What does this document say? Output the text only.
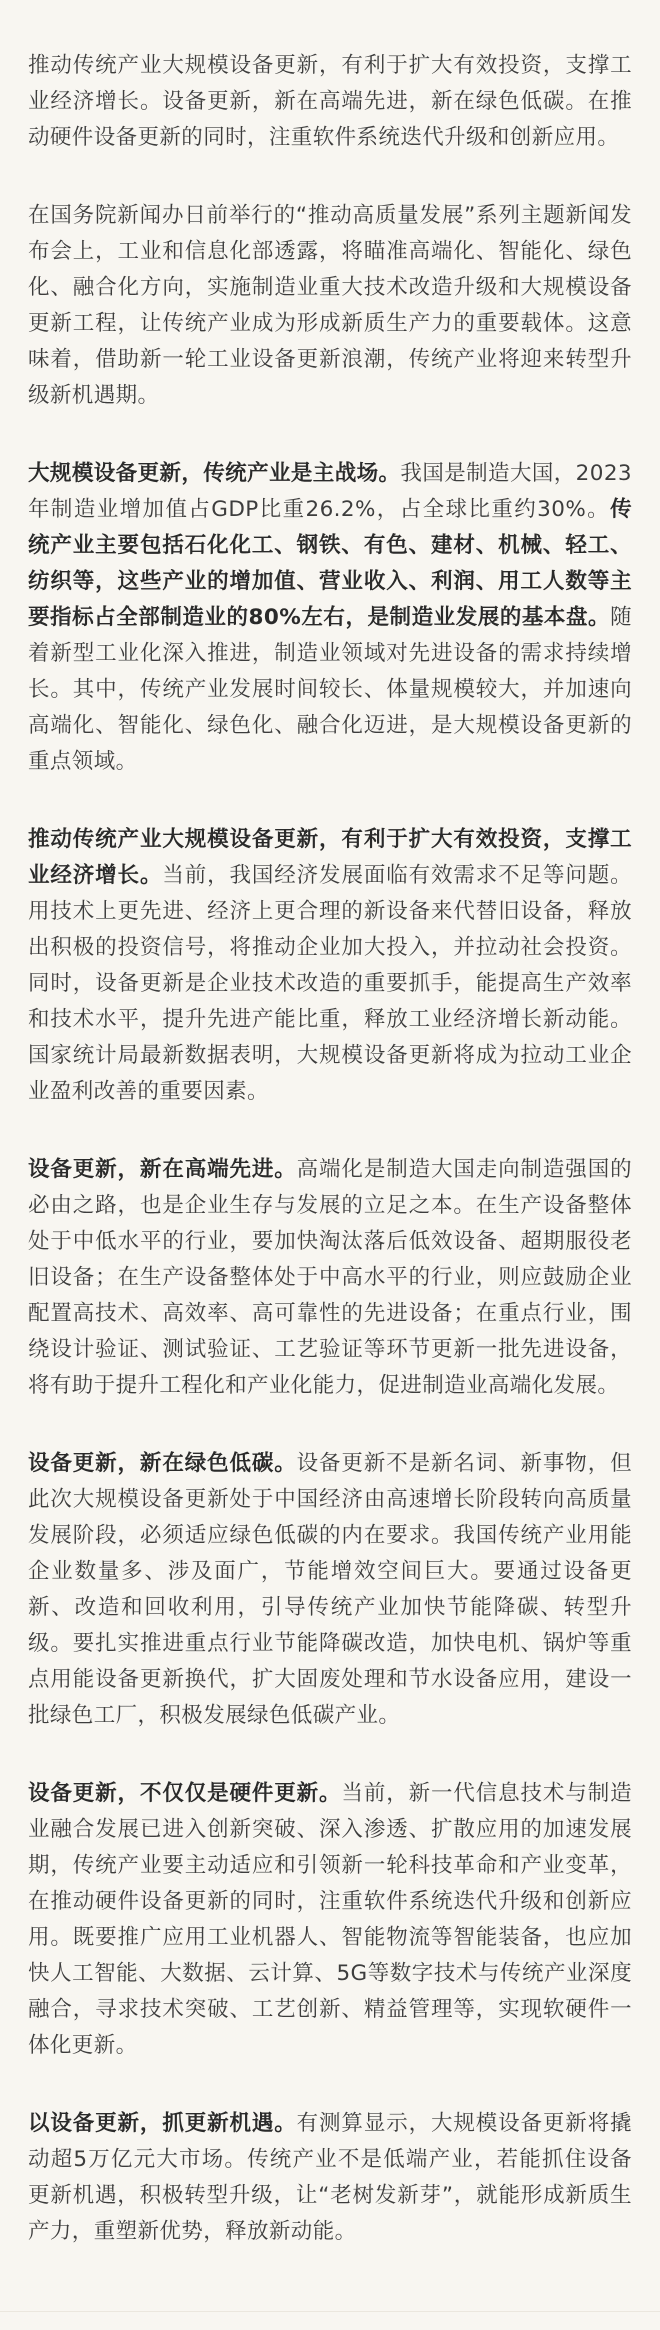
推动传统产业大规模设备更新，有利于扩大有效投资，支撑工业经济增长。设备更新，新在高端先进，新在绿色低碳。在推动硬件设备更新的同时，注重软件系统迭代升级和创新应用。

在国务院新闻办日前举行的“推动高质量发展”系列主题新闻发布会上，工业和信息化部透露，将瞄准高端化、智能化、绿色化、融合化方向，实施制造业重大技术改造升级和大规模设备更新工程，让传统产业成为形成新质生产力的重要载体。这意味着，借助新一轮工业设备更新浪潮，传统产业将迎来转型升级新机遇期。

大规模设备更新，传统产业是主战场。我国是制造大国，2023年制造业增加值占GDP比重26.2%，占全球比重约30%。传统产业主要包括石化化工、钢铁、有色、建材、机械、轻工、纺织等，这些产业的增加值、营业收入、利润、用工人数等主要指标占全部制造业的80%左右，是制造业发展的基本盘。随着新型工业化深入推进，制造业领域对先进设备的需求持续增长。其中，传统产业发展时间较长、体量规模较大，并加速向高端化、智能化、绿色化、融合化迈进，是大规模设备更新的重点领域。

推动传统产业大规模设备更新，有利于扩大有效投资，支撑工业经济增长。当前，我国经济发展面临有效需求不足等问题。用技术上更先进、经济上更合理的新设备来代替旧设备，释放出积极的投资信号，将推动企业加大投入，并拉动社会投资。同时，设备更新是企业技术改造的重要抓手，能提高生产效率和技术水平，提升先进产能比重，释放工业经济增长新动能。国家统计局最新数据表明，大规模设备更新将成为拉动工业企业盈利改善的重要因素。

设备更新，新在高端先进。高端化是制造大国走向制造强国的必由之路，也是企业生存与发展的立足之本。在生产设备整体处于中低水平的行业，要加快淘汰落后低效设备、超期服役老旧设备；在生产设备整体处于中高水平的行业，则应鼓励企业配置高技术、高效率、高可靠性的先进设备；在重点行业，围绕设计验证、测试验证、工艺验证等环节更新一批先进设备，将有助于提升工程化和产业化能力，促进制造业高端化发展。

设备更新，新在绿色低碳。设备更新不是新名词、新事物，但此次大规模设备更新处于中国经济由高速增长阶段转向高质量发展阶段，必须适应绿色低碳的内在要求。我国传统产业用能企业数量多、涉及面广，节能增效空间巨大。要通过设备更新、改造和回收利用，引导传统产业加快节能降碳、转型升级。要扎实推进重点行业节能降碳改造，加快电机、锅炉等重点用能设备更新换代，扩大固废处理和节水设备应用，建设一批绿色工厂，积极发展绿色低碳产业。

设备更新，不仅仅是硬件更新。当前，新一代信息技术与制造业融合发展已进入创新突破、深入渗透、扩散应用的加速发展期，传统产业要主动适应和引领新一轮科技革命和产业变革，在推动硬件设备更新的同时，注重软件系统迭代升级和创新应用。既要推广应用工业机器人、智能物流等智能装备，也应加快人工智能、大数据、云计算、5G等数字技术与传统产业深度融合，寻求技术突破、工艺创新、精益管理等，实现软硬件一体化更新。

以设备更新，抓更新机遇。有测算显示，大规模设备更新将撬动超5万亿元大市场。传统产业不是低端产业，若能抓住设备更新机遇，积极转型升级，让“老树发新芽”，就能形成新质生产力，重塑新优势，释放新动能。
